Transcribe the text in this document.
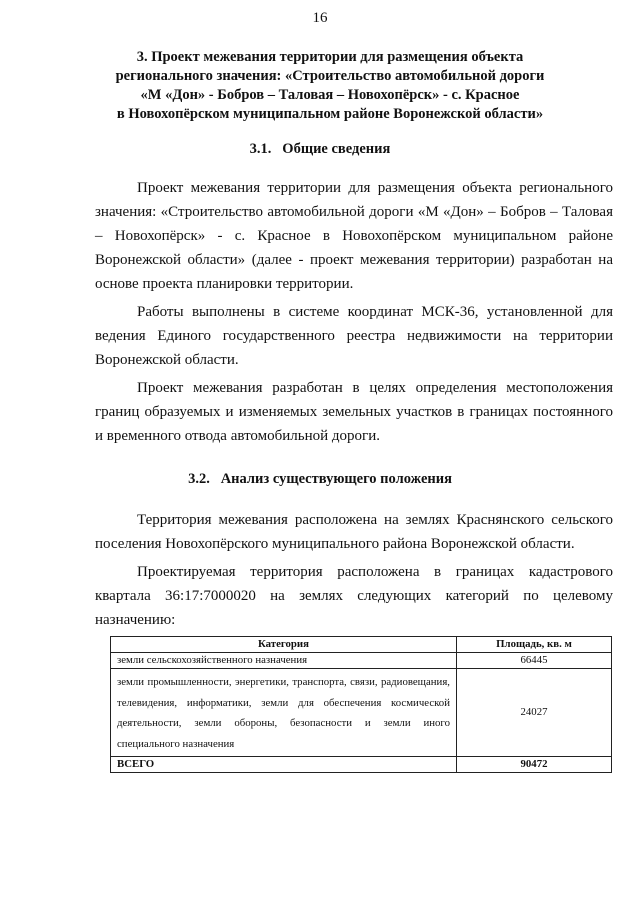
16
3. Проект межевания территории для размещения объекта
регионального значения: «Строительство автомобильной дороги
«М «Дон» - Бобров – Таловая – Новохопёрск» - с. Красное
в Новохопёрском муниципальном районе Воронежской области»
3.1. Общие сведения

Проект межевания территории для размещения объекта регионального значения: «Строительство автомобильной дороги «М «Дон» – Бобров – Таловая – Новохопёрск» - с. Красное в Новохопёрском муниципальном районе Воронежской области» (далее - проект межевания территории) разработан на основе проекта планировки территории.

Работы выполнены в системе координат МСК-36, установленной для ведения Единого государственного реестра недвижимости на территории Воронежской области.

Проект межевания разработан в целях определения местоположения границ образуемых и изменяемых земельных участков в границах постоянного и временного отвода автомобильной дороги.

3.2. Анализ существующего положения

Территория межевания расположена на землях Краснянского сельского поселения Новохопёрского муниципального района Воронежской области.

Проектируемая территория расположена в границах кадастрового квартала 36:17:7000020 на землях следующих категорий по целевому назначению:

Категория	Площадь, кв. м
земли сельскохозяйственного назначения	66445
земли промышленности, энергетики, транспорта, связи, радиовещания, телевидения, информатики, земли для обеспечения космической деятельности, земли обороны, безопасности и земли иного специального назначения	24027
ВСЕГО	90472
